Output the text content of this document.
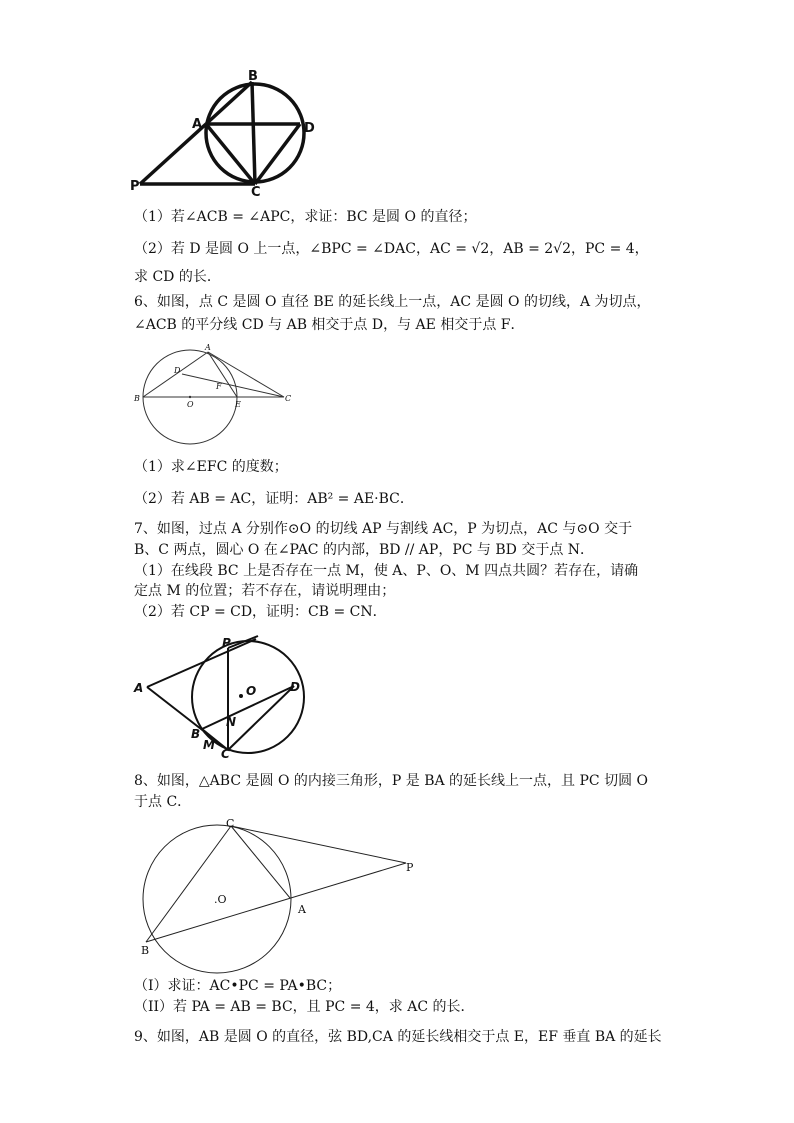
B
A	D
P	C
（1）若∠ACB = ∠APC，求证：BC 是圆 O 的直径；
（2）若 D 是圆 O 上一点，∠BPC = ∠DAC，AC = √2，AB = 2√2，PC = 4，
求 CD 的长．
6、如图，点 C 是圆 O 直径 BE 的延长线上一点，AC 是圆 O 的切线，A 为切点，
∠ACB 的平分线 CD 与 AB 相交于点 D，与 AE 相交于点 F．
A
D
F
B
O	E
C
（1）求∠EFC 的度数；
（2）若 AB = AC，证明：AB² = AE·BC．
7、如图，过点 A 分别作⊙O 的切线 AP 与割线 AC，P 为切点，AC 与⊙O 交于
B、C 两点，圆心 O 在∠PAC 的内部，BD // AP，PC 与 BD 交于点 N．
（1）在线段 BC 上是否存在一点 M，使 A、P、O、M 四点共圆？若存在，请确
定点 M 的位置；若不存在，请说明理由；
（2）若 CP = CD，证明：CB = CN．
P
A	O	D
N
B
M
C
8、如图，△ABC 是圆 O 的内接三角形，P 是 BA 的延长线上一点，且 PC 切圆 O
于点 C．
C
P
.O
A
B
（I）求证：AC•PC = PA•BC；
（II）若 PA = AB = BC，且 PC = 4，求 AC 的长．
9、如图，AB 是圆 O 的直径，弦 BD,CA 的延长线相交于点 E，EF 垂直 BA 的延长
